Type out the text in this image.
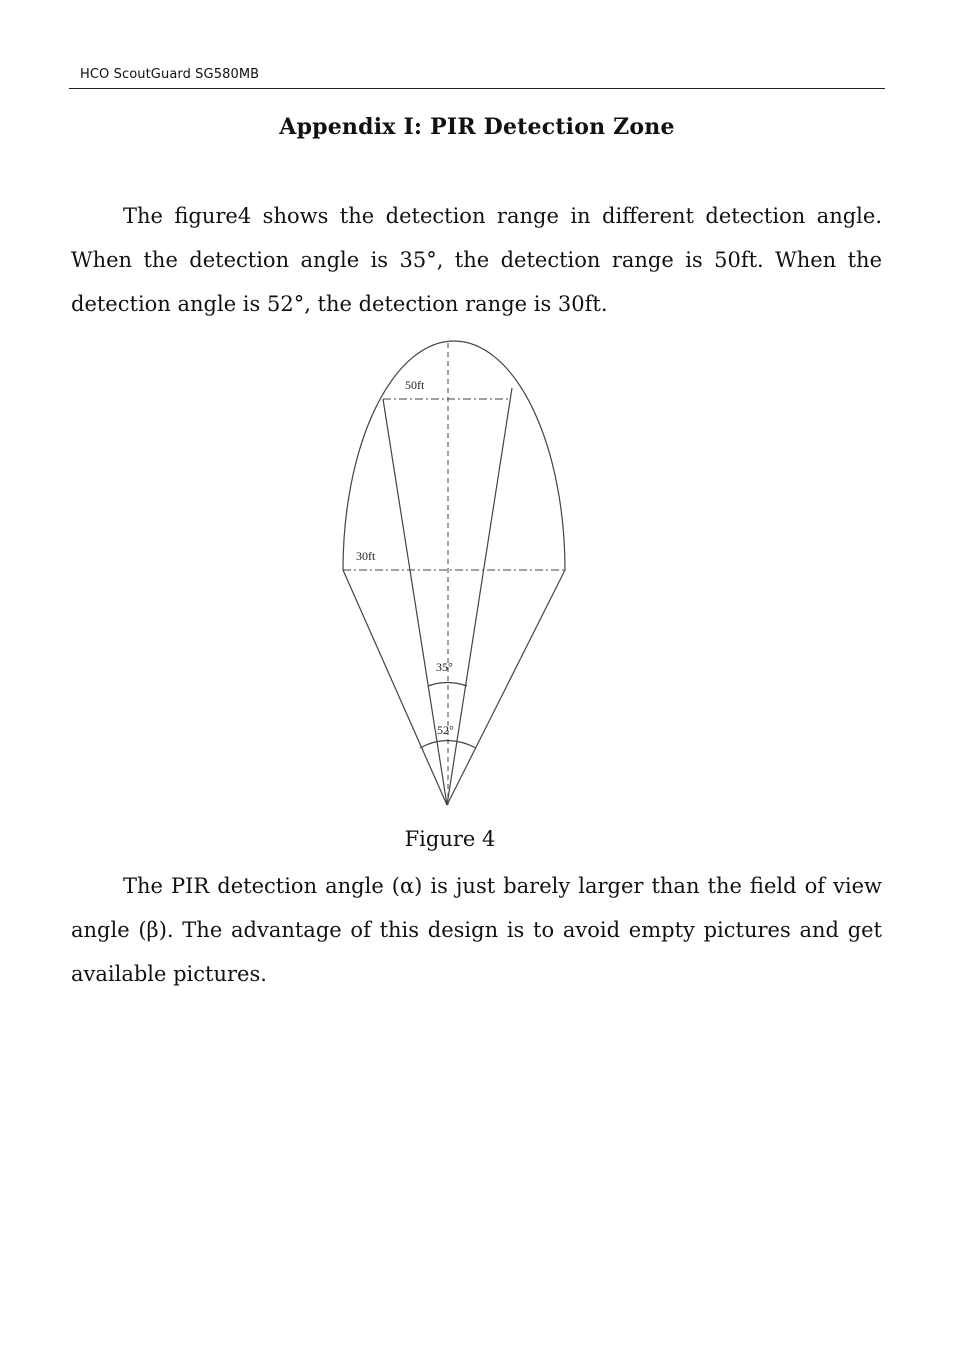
HCO ScoutGuard SG580MB
Appendix I: PIR Detection Zone

The figure4 shows the detection range in different detection angle. When the detection angle is 35°, the detection range is 50ft. When the detection angle is 52°, the detection range is 30ft.

50ft
30ft
35°
52°
Figure 4

The PIR detection angle (α) is just barely larger than the field of view angle (β). The advantage of this design is to avoid empty pictures and get available pictures.
